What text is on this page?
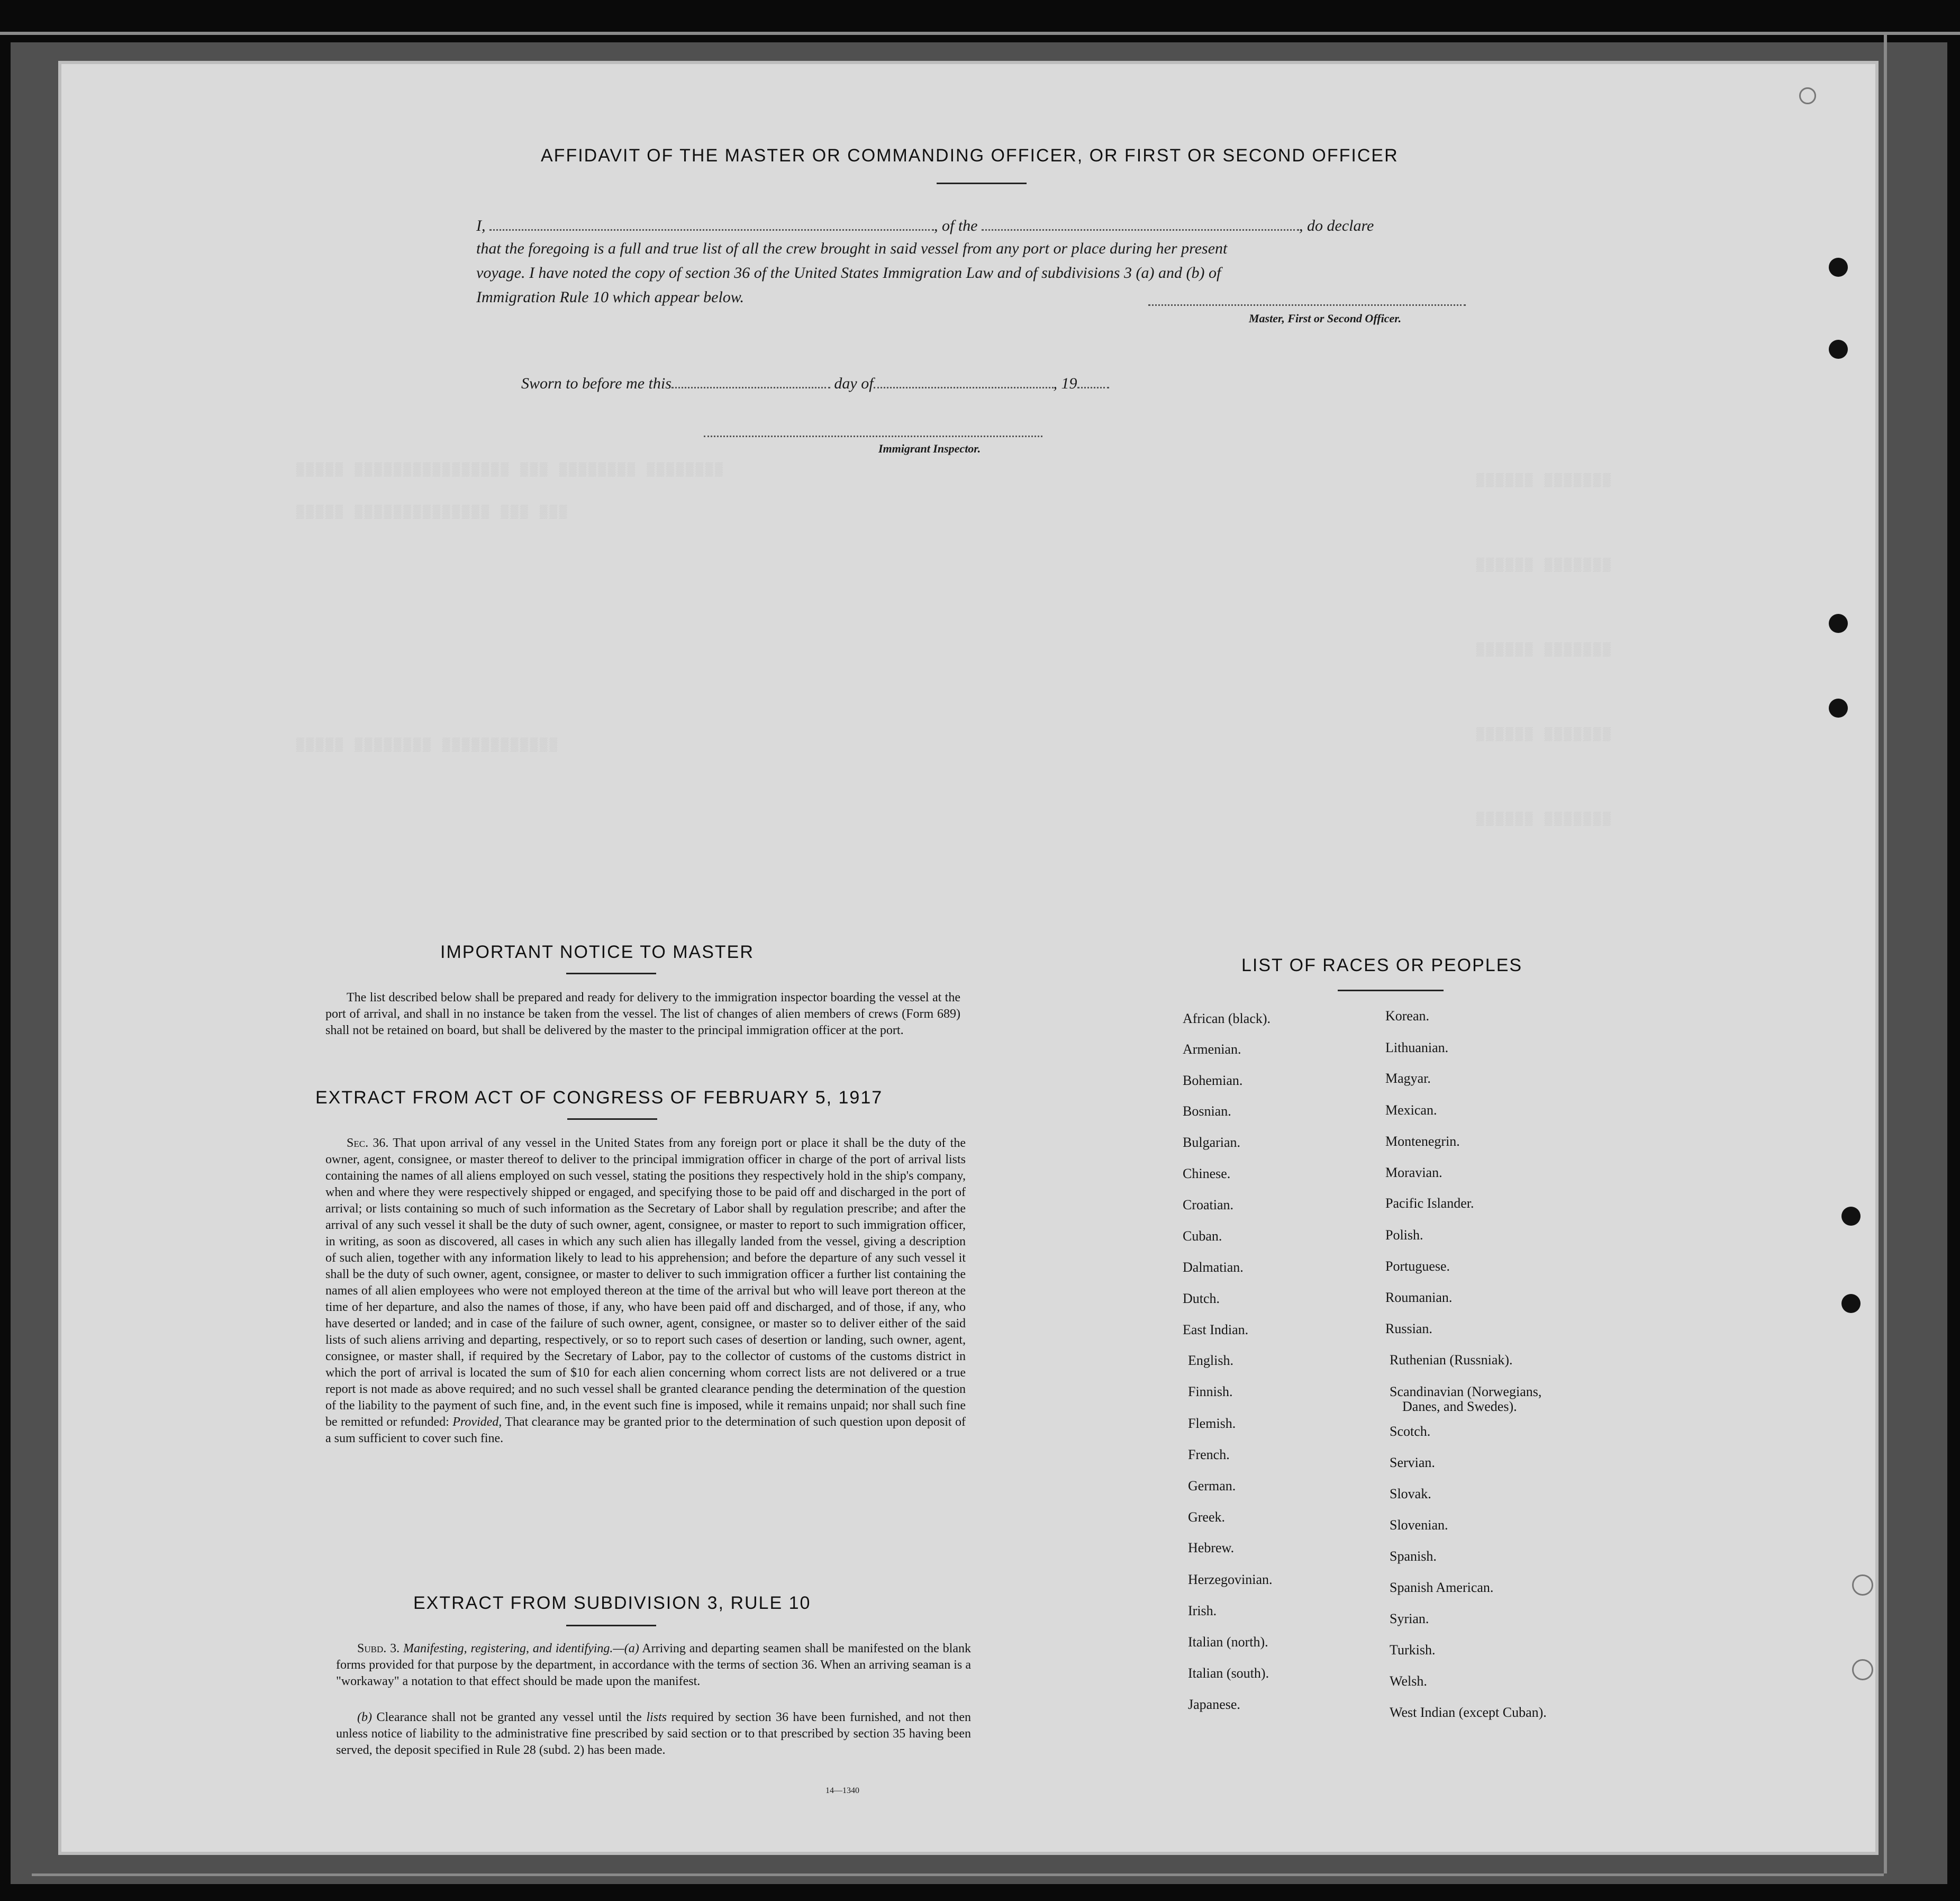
▒▒▒▒▒ ▒▒▒▒▒▒▒▒▒▒▒▒▒▒▒▒ ▒▒▒ ▒▒▒▒▒▒▒▒ ▒▒▒▒▒▒▒▒
▒▒▒▒▒ ▒▒▒▒▒▒▒▒▒▒▒▒▒▒ ▒▒▒ ▒▒▒
▒▒▒▒▒ ▒▒▒▒▒▒▒▒ ▒▒▒▒▒▒▒▒▒▒▒▒
▒▒▒▒▒▒ ▒▒▒▒▒▒▒
▒▒▒▒▒▒ ▒▒▒▒▒▒▒
▒▒▒▒▒▒ ▒▒▒▒▒▒▒
▒▒▒▒▒▒ ▒▒▒▒▒▒▒
▒▒▒▒▒▒ ▒▒▒▒▒▒▒
AFFIDAVIT OF THE MASTER OR COMMANDING OFFICER, OR FIRST OR SECOND OFFICER
I,	, of the	, do declare
that the foregoing is a full and true list of all the crew brought in said vessel from any port or place during her present
voyage. I have noted the copy of section 36 of the United States Immigration Law and of subdivisions 3 (a) and (b) of
Immigration Rule 10 which appear below.
Master, First or Second Officer.
Sworn to before me this	day of	, 19
Immigrant Inspector.
IMPORTANT NOTICE TO MASTER
The list described below shall be prepared and ready for delivery to the immigration inspector boarding the vessel at the port of arrival, and shall in no instance be taken from the vessel. The list of changes of alien members of crews (Form 689) shall not be retained on board, but shall be delivered by the master to the principal immigration officer at the port.
EXTRACT FROM ACT OF CONGRESS OF FEBRUARY 5, 1917
Sec. 36. That upon arrival of any vessel in the United States from any foreign port or place it shall be the duty of the owner, agent, consignee, or master thereof to deliver to the principal immigration officer in charge of the port of arrival lists containing the names of all aliens employed on such vessel, stating the positions they respectively hold in the ship's company, when and where they were respectively shipped or engaged, and specifying those to be paid off and discharged in the port of arrival; or lists containing so much of such information as the Secretary of Labor shall by regulation prescribe; and after the arrival of any such vessel it shall be the duty of such owner, agent, consignee, or master to report to such immigration officer, in writing, as soon as discovered, all cases in which any such alien has illegally landed from the vessel, giving a description of such alien, together with any information likely to lead to his apprehension; and before the departure of any such vessel it shall be the duty of such owner, agent, consignee, or master to deliver to such immigration officer a further list containing the names of all alien employees who were not employed thereon at the time of the arrival but who will leave port thereon at the time of her departure, and also the names of those, if any, who have been paid off and discharged, and of those, if any, who have deserted or landed; and in case of the failure of such owner, agent, consignee, or master so to deliver either of the said lists of such aliens arriving and departing, respectively, or so to report such cases of desertion or landing, such owner, agent, consignee, or master shall, if required by the Secretary of Labor, pay to the collector of customs of the customs district in which the port of arrival is located the sum of $10 for each alien concerning whom correct lists are not delivered or a true report is not made as above required; and no such vessel shall be granted clearance pending the determination of the question of the liability to the payment of such fine, and, in the event such fine is imposed, while it remains unpaid; nor shall such fine be remitted or refunded: Provided, That clearance may be granted prior to the determination of such question upon deposit of a sum sufficient to cover such fine.
EXTRACT FROM SUBDIVISION 3, RULE 10
Subd. 3. Manifesting, registering, and identifying.—(a) Arriving and departing seamen shall be manifested on the blank forms provided for that purpose by the department, in accordance with the terms of section 36. When an arriving seaman is a "workaway" a notation to that effect should be made upon the manifest.
(b) Clearance shall not be granted any vessel until the lists required by section 36 have been furnished, and not then unless notice of liability to the administrative fine prescribed by said section or to that prescribed by section 35 having been served, the deposit specified in Rule 28 (subd. 2) has been made.
14—1340
LIST OF RACES OR PEOPLES
Danes, and Swedes).
African (black).
Armenian.
Bohemian.
Bosnian.
Bulgarian.
Chinese.
Croatian.
Cuban.
Dalmatian.
Dutch.
East Indian.
English.
Finnish.
Flemish.
French.
German.
Greek.
Hebrew.
Herzegovinian.
Irish.
Italian (north).
Italian (south).
Japanese.
Korean.
Lithuanian.
Magyar.
Mexican.
Montenegrin.
Moravian.
Pacific Islander.
Polish.
Portuguese.
Roumanian.
Russian.
Ruthenian (Russniak).
Scandinavian (Norwegians,
Scotch.
Servian.
Slovak.
Slovenian.
Spanish.
Spanish American.
Syrian.
Turkish.
Welsh.
West Indian (except Cuban).
